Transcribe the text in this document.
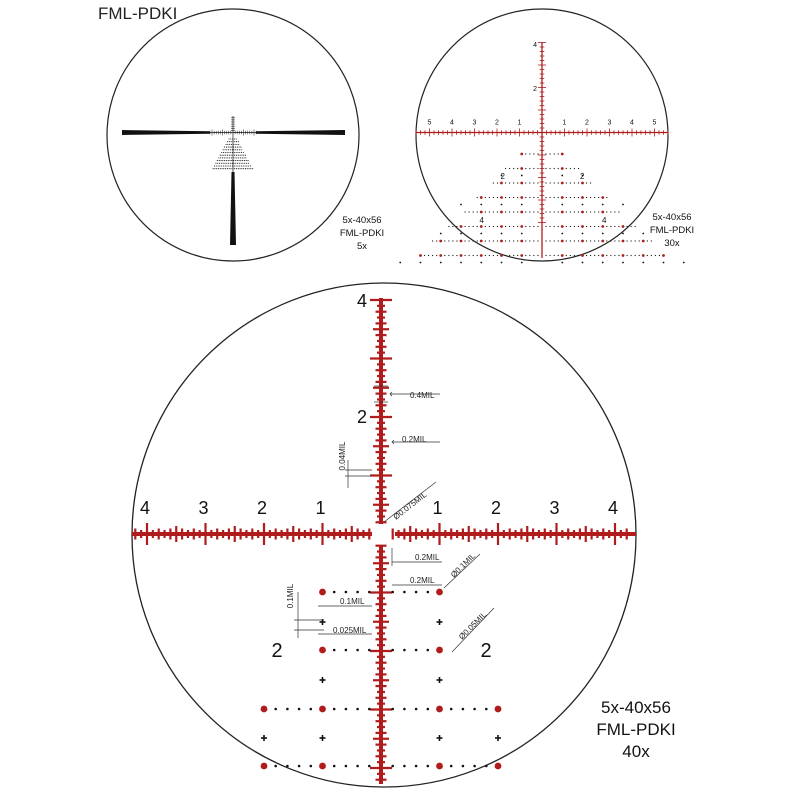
FML-PDKI
5x-40x56
FML-PDKI
5x
5	4	3	2	1	1	2	3	4	5
4
2
2	2
4	4	5x-40x56
FML-PDKI
30x
4	3	2	1	1	2	3	4
4
2
2	2
0.4MIL
0.2MIL
0.04MIL
Ø0.075MIL
0.2MIL
0.2MIL
Ø0.1MIL
0.1MIL	0.1MIL
0.025MIL	Ø0.05MIL
5x-40x56
FML-PDKI
40x
